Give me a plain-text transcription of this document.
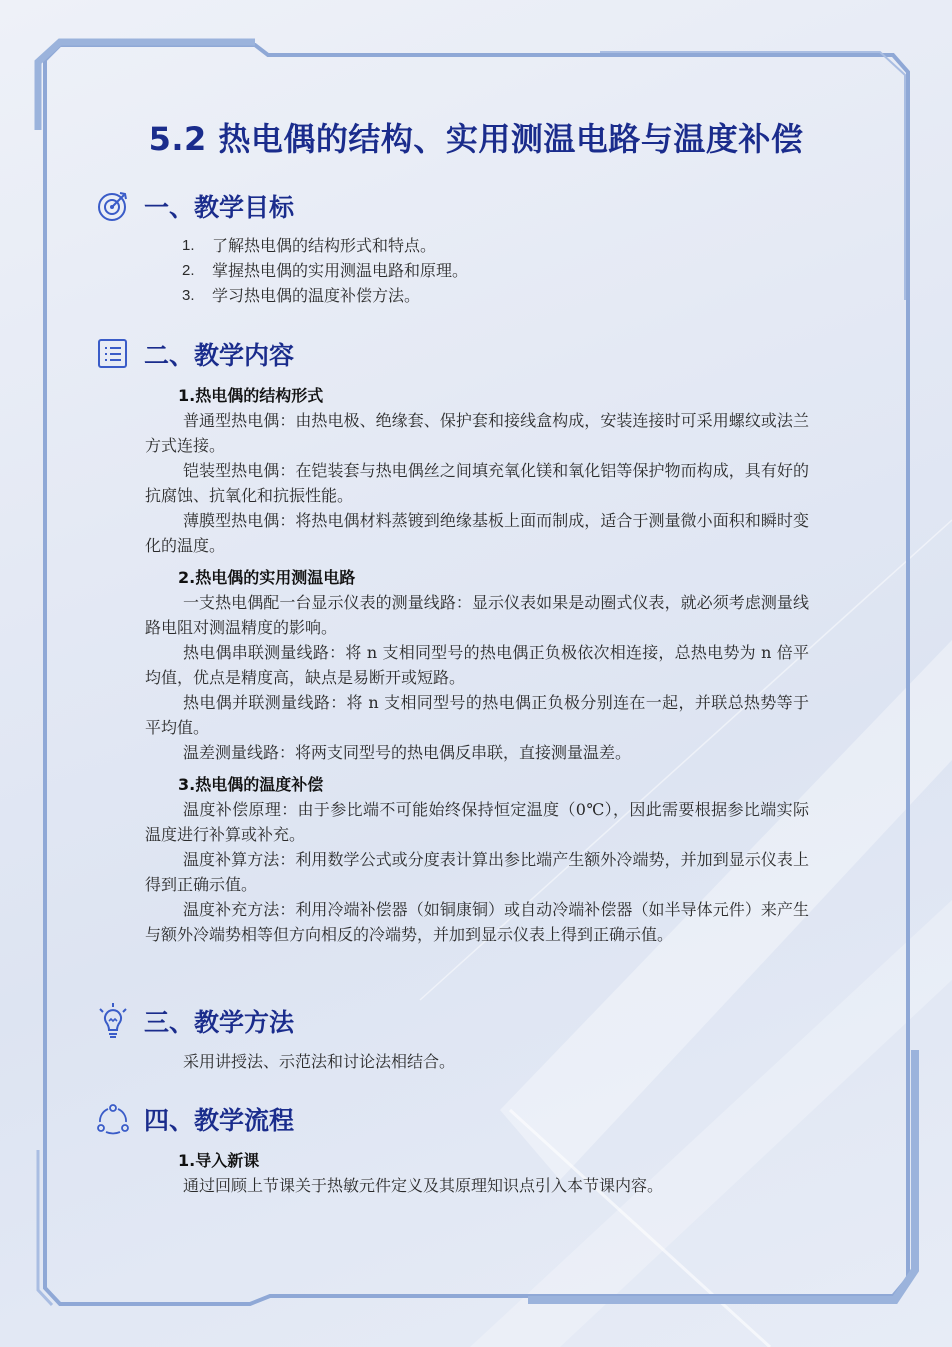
5.2 热电偶的结构、实用测温电路与温度补偿
一、教学目标
1.	了解热电偶的结构形式和特点。
2.	掌握热电偶的实用测温电路和原理。
3.	学习热电偶的温度补偿方法。
二、教学内容
1.热电偶的结构形式

普通型热电偶：由热电极、绝缘套、保护套和接线盒构成，安装连接时可采用螺纹或法兰方式连接。

铠装型热电偶：在铠装套与热电偶丝之间填充氧化镁和氧化铝等保护物而构成，具有好的抗腐蚀、抗氧化和抗振性能。

薄膜型热电偶：将热电偶材料蒸镀到绝缘基板上面而制成，适合于测量微小面积和瞬时变化的温度。

2.热电偶的实用测温电路

一支热电偶配一台显示仪表的测量线路：显示仪表如果是动圈式仪表，就必须考虑测量线路电阻对测温精度的影响。

热电偶串联测量线路：将 n 支相同型号的热电偶正负极依次相连接，总热电势为 n 倍平均值，优点是精度高，缺点是易断开或短路。

热电偶并联测量线路：将 n 支相同型号的热电偶正负极分别连在一起，并联总热势等于平均值。

温差测量线路：将两支同型号的热电偶反串联，直接测量温差。

3.热电偶的温度补偿

温度补偿原理：由于参比端不可能始终保持恒定温度（0℃），因此需要根据参比端实际温度进行补算或补充。

温度补算方法：利用数学公式或分度表计算出参比端产生额外冷端势，并加到显示仪表上得到正确示值。

温度补充方法：利用冷端补偿器（如铜康铜）或自动冷端补偿器（如半导体元件）来产生与额外冷端势相等但方向相反的冷端势，并加到显示仪表上得到正确示值。

三、教学方法

采用讲授法、示范法和讨论法相结合。

四、教学流程
1.导入新课

通过回顾上节课关于热敏元件定义及其原理知识点引入本节课内容。
